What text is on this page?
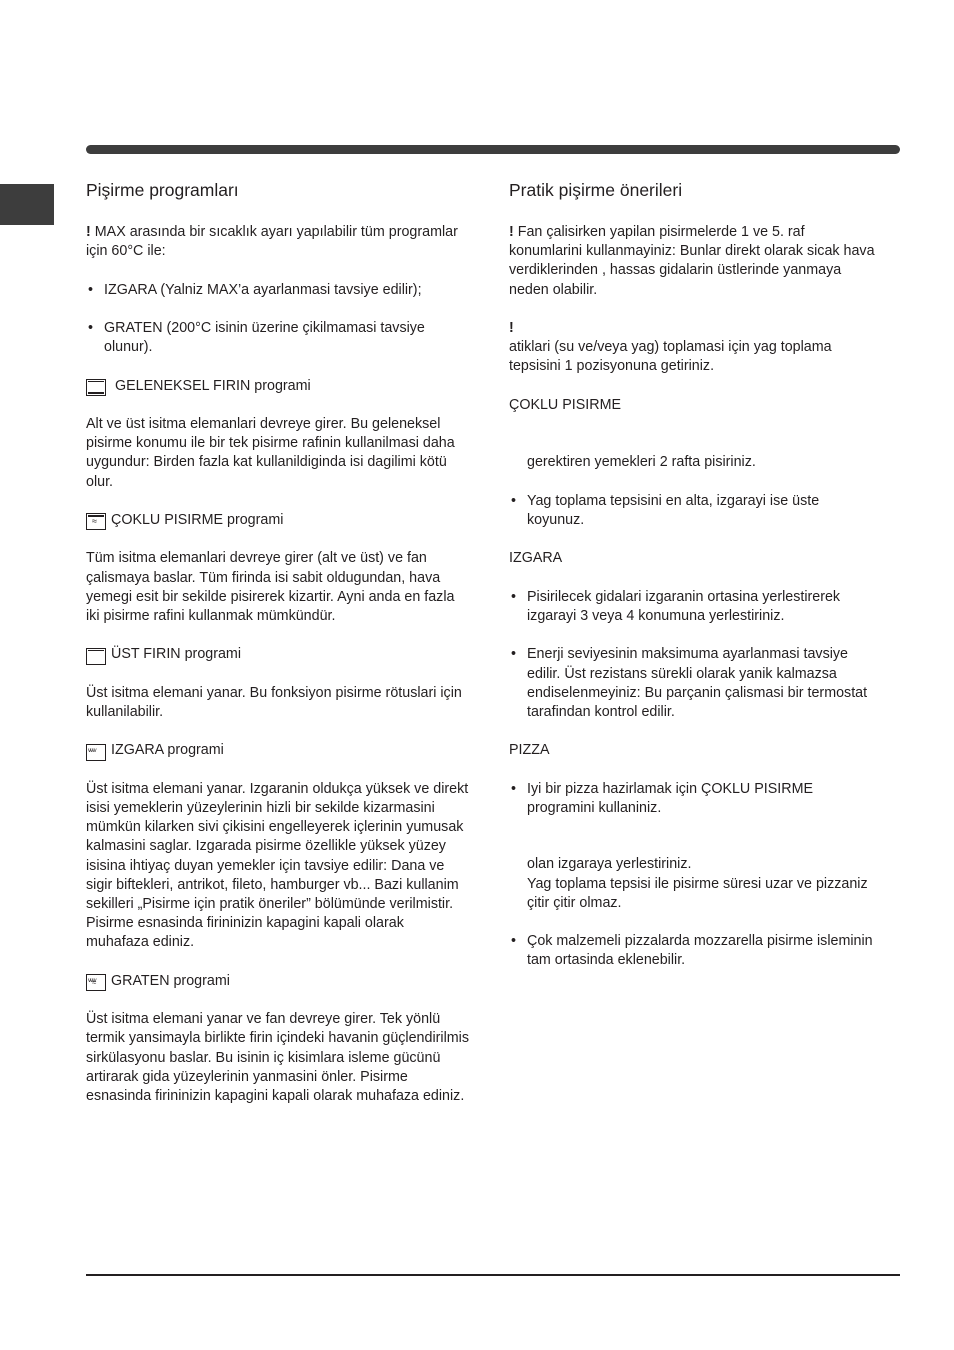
Pişirme programları

! MAX arasında bir sıcaklık ayarı yapılabilir tüm programlar için 60°C ile:

• IZGARA (Yalniz MAX’a ayarlanmasi tavsiye edilir);
• GRATEN (200°C isinin üzerine çikilmamasi tavsiye olunur).
GELENEKSEL FIRIN programi

Alt ve üst isitma elemanlari devreye girer. Bu geleneksel pisirme konumu ile bir tek pisirme rafinin kullanilmasi daha uygundur: Birden fazla kat kullanildiginda isi dagilimi kötü olur.

≈
ÇOKLU PISIRME programi

Tüm isitma elemanlari devreye girer (alt ve üst) ve fan çalismaya baslar. Tüm firinda isi sabit oldugundan, hava yemegi esit bir sekilde pisirerek kizartir. Ayni anda en fazla iki pisirme rafini kullanmak mümkündür.

ÜST FIRIN programi

Üst isitma elemani yanar. Bu fonksiyon pisirme rötuslari için kullanilabilir.

ᵛᵛᵛᵛ
IZGARA programi

Üst isitma elemani yanar. Izgaranin oldukça yüksek ve direkt isisi yemeklerin yüzeylerinin hizli bir sekilde kizarmasini mümkün kilarken sivi çikisini engelleyerek içlerinin yumusak kalmasini saglar. Izgarada pisirme özellikle yüksek yüzey isisina ihtiyaç duyan yemekler için tavsiye edilir: Dana ve sigir biftekleri, antrikot, fileto, hamburger vb... Bazi kullanim sekilleri „Pisirme için pratik öneriler” bölümünde verilmistir. Pisirme esnasinda firininizin kapagini kapali olarak muhafaza ediniz.

ᵛᵛᵛᵛ ≈
GRATEN programi

Üst isitma elemani yanar ve fan devreye girer. Tek yönlü termik yansimayla birlikte firin içindeki havanin güçlendirilmis sirkülasyonu baslar. Bu isinin iç kisimlara isleme gücünü artirarak gida yüzeylerinin yanmasini önler. Pisirme esnasinda firininizin kapagini kapali olarak muhafaza ediniz.

Pratik pişirme önerileri

! Fan çalisirken yapilan pisirmelerde 1 ve 5. raf konumlarini kullanmayiniz: Bunlar direkt olarak sicak hava verdiklerinden , hassas gidalarin üstlerinde yanmaya neden olabilir.

!

atiklari (su ve/veya yag) toplamasi için yag toplama tepsisini 1 pozisyonuna getiriniz.

ÇOKLU PISIRME

gerektiren yemekleri 2 rafta pisiriniz.

• Yag toplama tepsisini en alta, izgarayi ise üste koyunuz.

IZGARA

• Pisirilecek gidalari izgaranin ortasina yerlestirerek izgarayi 3 veya 4 konumuna yerlestiriniz.
• Enerji seviyesinin maksimuma ayarlanmasi tavsiye edilir. Üst rezistans sürekli olarak yanik kalmazsa endiselenmeyiniz: Bu parçanin çalismasi bir termostat tarafindan kontrol edilir.

PIZZA

• Iyi bir pizza hazirlamak için ÇOKLU PISIRME programini kullaniniz.
olan izgaraya yerlestiriniz.

Yag toplama tepsisi ile pisirme süresi uzar ve pizzaniz çitir çitir olmaz.

• Çok malzemeli pizzalarda mozzarella pisirme isleminin tam ortasinda eklenebilir.
